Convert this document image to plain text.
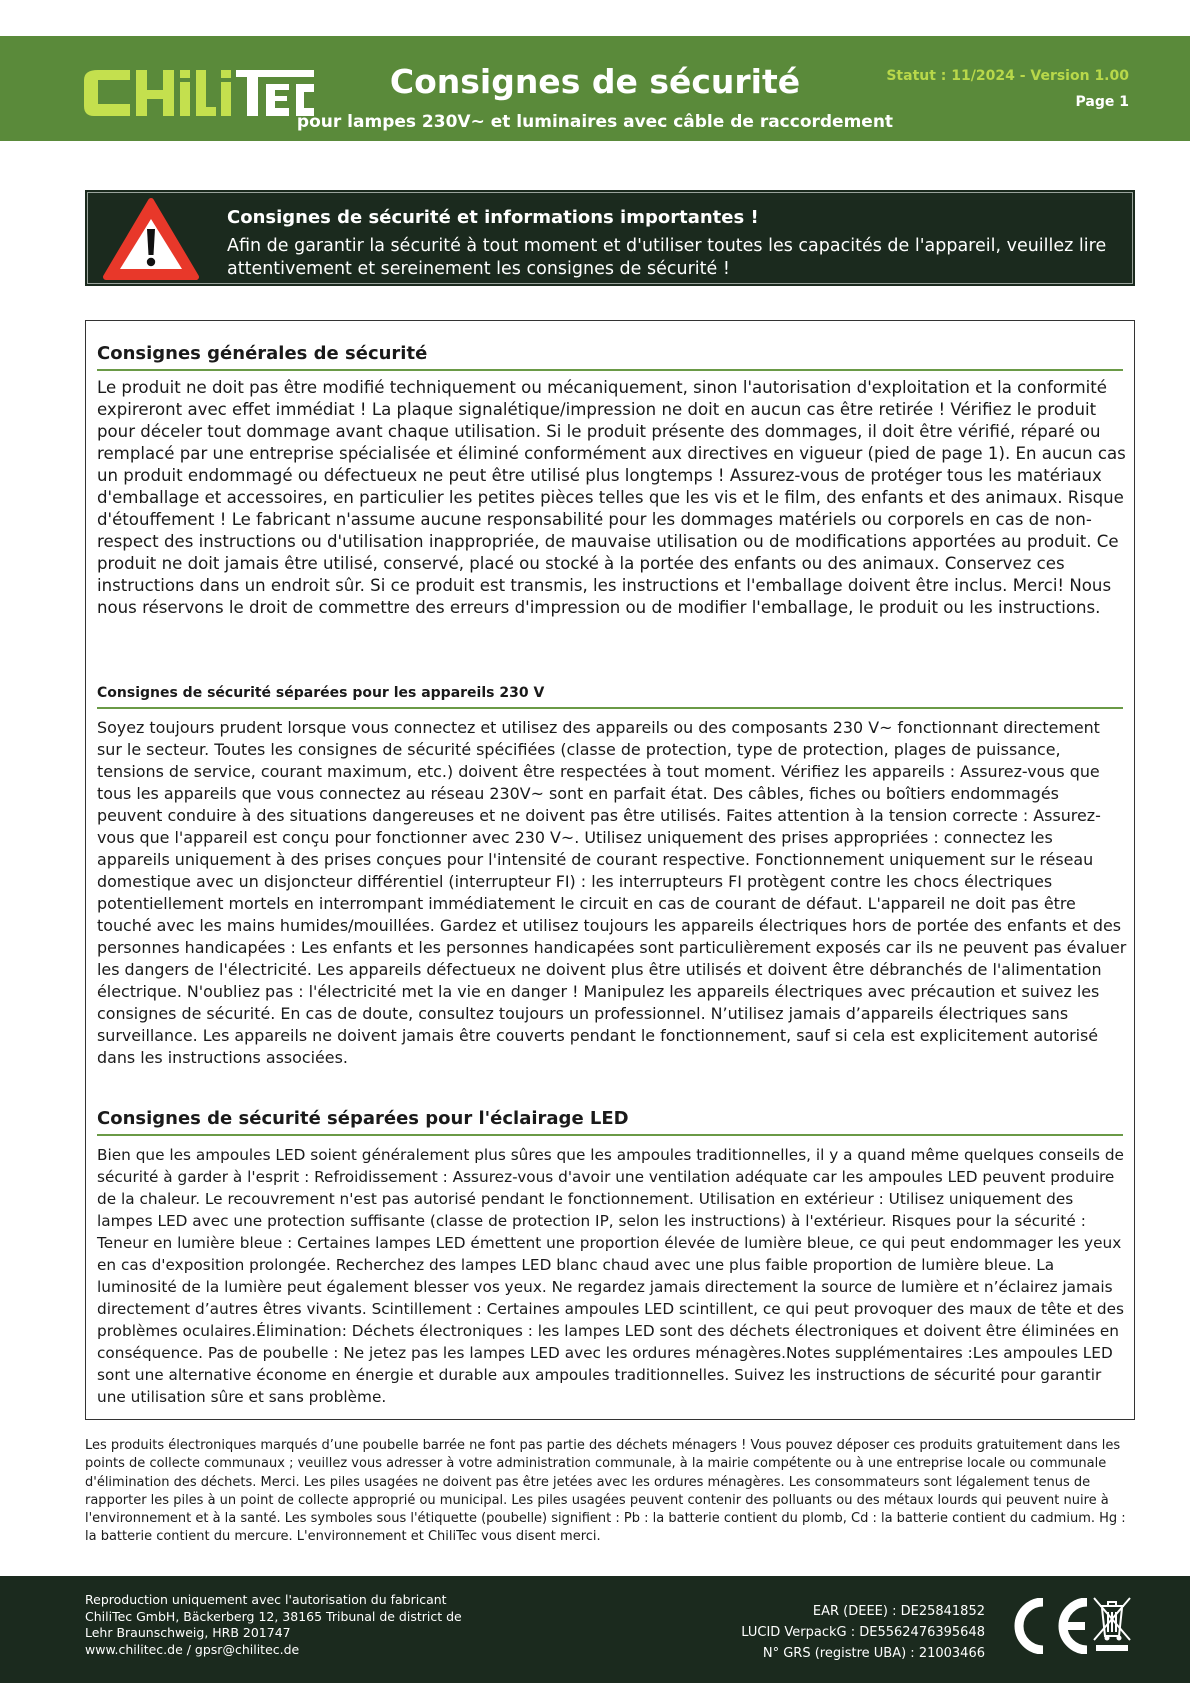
Consignes de sécurité
pour lampes 230V~ et luminaires avec câble de raccordement
Statut : 11/2024 - Version 1.00
Page 1
Consignes de sécurité et informations importantes !
Afin de garantir la sécurité à tout moment et d'utiliser toutes les capacités de l'appareil, veuillez lire attentivement et sereinement les consignes de sécurité !
Consignes générales de sécurité
Le produit ne doit pas être modifié techniquement ou mécaniquement, sinon l'autorisation d'exploitation et la conformité expireront avec effet immédiat ! La plaque signalétique/impression ne doit en aucun cas être retirée ! Vérifiez le produit pour déceler tout dommage avant chaque utilisation. Si le produit présente des dommages, il doit être vérifié, réparé ou remplacé par une entreprise spécialisée et éliminé conformément aux directives en vigueur (pied de page 1). En aucun cas un produit endommagé ou défectueux ne peut être utilisé plus longtemps ! Assurez-vous de protéger tous les matériaux d'emballage et accessoires, en particulier les petites pièces telles que les vis et le film, des enfants et des animaux. Risque d'étouffement ! Le fabricant n'assume aucune responsabilité pour les dommages matériels ou corporels en cas de non-respect des instructions ou d'utilisation inappropriée, de mauvaise utilisation ou de modifications apportées au produit. Ce produit ne doit jamais être utilisé, conservé, placé ou stocké à la portée des enfants ou des animaux. Conservez ces instructions dans un endroit sûr. Si ce produit est transmis, les instructions et l'emballage doivent être inclus. Merci! Nous nous réservons le droit de commettre des erreurs d'impression ou de modifier l'emballage, le produit ou les instructions.
Consignes de sécurité séparées pour les appareils 230 V
Soyez toujours prudent lorsque vous connectez et utilisez des appareils ou des composants 230 V~ fonctionnant directement sur le secteur. Toutes les consignes de sécurité spécifiées (classe de protection, type de protection, plages de puissance, tensions de service, courant maximum, etc.) doivent être respectées à tout moment. Vérifiez les appareils : Assurez-vous que tous les appareils que vous connectez au réseau 230V~ sont en parfait état. Des câbles, fiches ou boîtiers endommagés peuvent conduire à des situations dangereuses et ne doivent pas être utilisés. Faites attention à la tension correcte : Assurez-vous que l'appareil est conçu pour fonctionner avec 230 V~. Utilisez uniquement des prises appropriées : connectez les appareils uniquement à des prises conçues pour l'intensité de courant respective. Fonctionnement uniquement sur le réseau domestique avec un disjoncteur différentiel (interrupteur FI) : les interrupteurs FI protègent contre les chocs électriques potentiellement mortels en interrompant immédiatement le circuit en cas de courant de défaut. L'appareil ne doit pas être touché avec les mains humides/mouillées. Gardez et utilisez toujours les appareils électriques hors de portée des enfants et des personnes handicapées : Les enfants et les personnes handicapées sont particulièrement exposés car ils ne peuvent pas évaluer les dangers de l'électricité. Les appareils défectueux ne doivent plus être utilisés et doivent être débranchés de l'alimentation électrique. N'oubliez pas : l'électricité met la vie en danger ! Manipulez les appareils électriques avec précaution et suivez les consignes de sécurité. En cas de doute, consultez toujours un professionnel. N’utilisez jamais d’appareils électriques sans surveillance. Les appareils ne doivent jamais être couverts pendant le fonctionnement, sauf si cela est explicitement autorisé dans les instructions associées.
Consignes de sécurité séparées pour l'éclairage LED
Bien que les ampoules LED soient généralement plus sûres que les ampoules traditionnelles, il y a quand même quelques conseils de sécurité à garder à l'esprit : Refroidissement : Assurez-vous d'avoir une ventilation adéquate car les ampoules LED peuvent produire de la chaleur. Le recouvrement n'est pas autorisé pendant le fonctionnement. Utilisation en extérieur : Utilisez uniquement des lampes LED avec une protection suffisante (classe de protection IP, selon les instructions) à l'extérieur. Risques pour la sécurité : Teneur en lumière bleue : Certaines lampes LED émettent une proportion élevée de lumière bleue, ce qui peut endommager les yeux en cas d'exposition prolongée. Recherchez des lampes LED blanc chaud avec une plus faible proportion de lumière bleue. La luminosité de la lumière peut également blesser vos yeux. Ne regardez jamais directement la source de lumière et n’éclairez jamais directement d’autres êtres vivants. Scintillement : Certaines ampoules LED scintillent, ce qui peut provoquer des maux de tête et des problèmes oculaires.Élimination: Déchets électroniques : les lampes LED sont des déchets électroniques et doivent être éliminées en conséquence. Pas de poubelle : Ne jetez pas les lampes LED avec les ordures ménagères.Notes supplémentaires :Les ampoules LED sont une alternative économe en énergie et durable aux ampoules traditionnelles. Suivez les instructions de sécurité pour garantir une utilisation sûre et sans problème.
Les produits électroniques marqués d’une poubelle barrée ne font pas partie des déchets ménagers ! Vous pouvez déposer ces produits gratuitement dans les points de collecte communaux ; veuillez vous adresser à votre administration communale, à la mairie compétente ou à une entreprise locale ou communale d'élimination des déchets. Merci. Les piles usagées ne doivent pas être jetées avec les ordures ménagères. Les consommateurs sont légalement tenus de rapporter les piles à un point de collecte approprié ou municipal. Les piles usagées peuvent contenir des polluants ou des métaux lourds qui peuvent nuire à l'environnement et à la santé. Les symboles sous l'étiquette (poubelle) signifient : Pb : la batterie contient du plomb, Cd : la batterie contient du cadmium. Hg : la batterie contient du mercure. L'environnement et ChiliTec vous disent merci.
Reproduction uniquement avec l'autorisation du fabricant
ChiliTec GmbH, Bäckerberg 12, 38165 Tribunal de district de
Lehr Braunschweig, HRB 201747
www.chilitec.de / gpsr@chilitec.de
EAR (DEEE) : DE25841852
LUCID VerpackG : DE5562476395648
N° GRS (registre UBA) : 21003466
